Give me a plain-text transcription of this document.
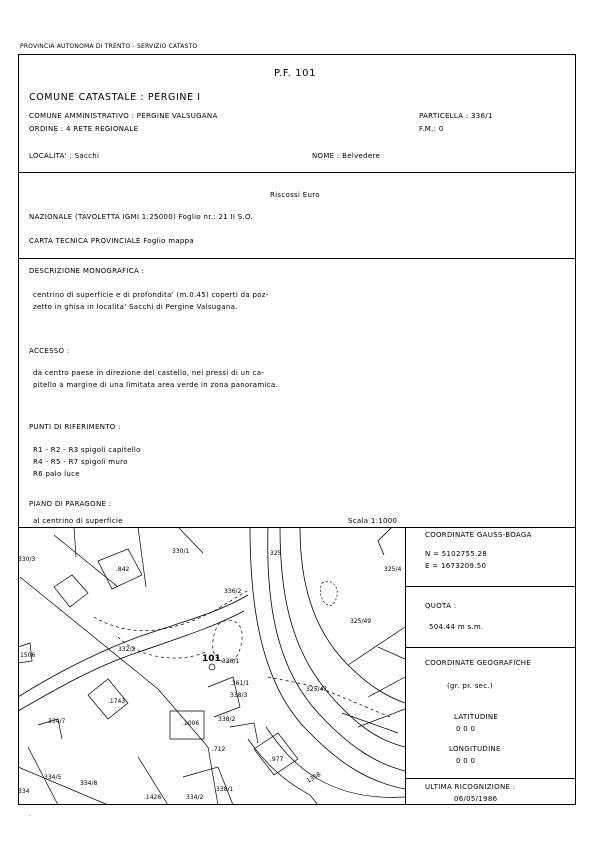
PROVINCIA AUTONOMA DI TRENTO - SERVIZIO CATASTO
P.F. 101
COMUNE CATASTALE : PERGINE I
COMUNE AMMINISTRATIVO : PERGINE VALSUGANA
ORDINE : 4 RETE REGIONALE
PARTICELLA : 336/1
F.M.: 0
LOCALITA' : Sacchi	NOME : Belvedere
Riscossi Euro
NAZIONALE (TAVOLETTA IGMI 1:25000) Foglio nr.: 21 II S.O.
CARTA TECNICA PROVINCIALE Foglio mappa
DESCRIZIONE MONOGRAFICA :
centrino di superficie e di profondita' (m.0.45) coperti da poz-
zetto in ghisa in localita' Sacchi di Pergine Valsugana.
ACCESSO :
da centro paese in direzione del castello, nei pressi di un ca-
pitello a margine di una limitata area verde in zona panoramica.
PUNTI DI RIFERIMENTO :
R1 - R2 - R3 spigoli capitello
R4 - R5 - R7 spigoli muro
R6 palo luce
PIANO DI PARAGONE :
al centrino di superficie	Scala 1:1000
COORDINATE GAUSS-BOAGA
N = 5102755.28
E = 1673209.50
QUOTA :
504.44 m s.m.
COORDINATE GEOGRAFICHE
(gr. pr. sec.)
LATITUDINE
0 0 0
LONGITUDINE
0 0 0
ULTIMA RICOGNIZIONE :
06/05/1986
330/3
330/1
.842
325
325/4
336/2
325/49
1506
332/2
336/1
.1743
325/47
.361/1
338/3
.1006
338/2
334/7
.712
.977
334/5
334/8
.1426	334/2
338/1
1358
334
101
.
